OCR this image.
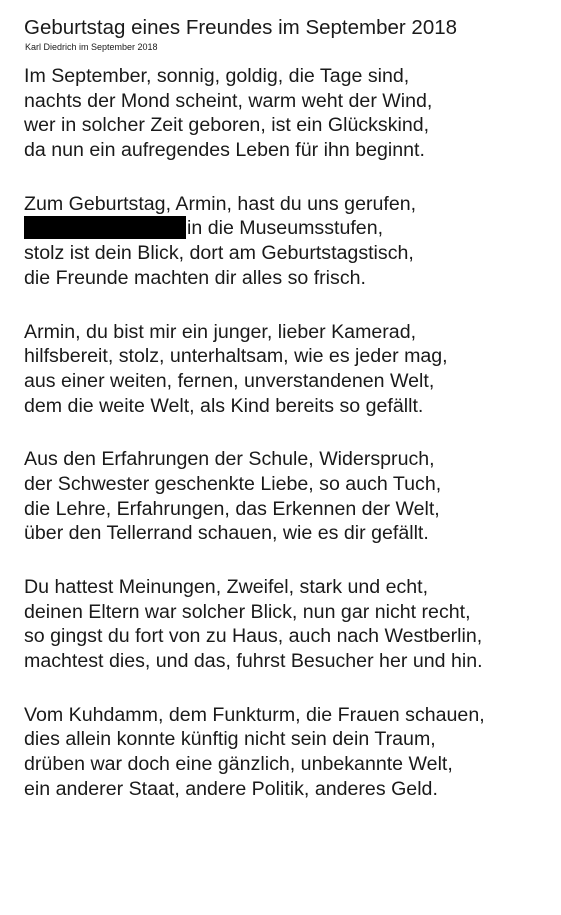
Geburtstag eines Freundes im September 2018
Karl Diedrich im September 2018
Im September, sonnig, goldig, die Tage sind,
nachts der Mond scheint, warm weht der Wind,
wer in solcher Zeit geboren, ist ein Glückskind,
da nun ein aufregendes Leben für ihn beginnt.
Zum Geburtstag, Armin, hast du uns gerufen,
in die Museumsstufen,
stolz ist dein Blick, dort am Geburtstagstisch,
die Freunde machten dir alles so frisch.
Armin, du bist mir ein junger, lieber Kamerad,
hilfsbereit, stolz, unterhaltsam, wie es jeder mag,
aus einer weiten, fernen, unverstandenen Welt,
dem die weite Welt, als Kind bereits so gefällt.
Aus den Erfahrungen der Schule, Widerspruch,
der Schwester geschenkte Liebe, so auch Tuch,
die Lehre, Erfahrungen, das Erkennen der Welt,
über den Tellerrand schauen, wie es dir gefällt.
Du hattest Meinungen, Zweifel, stark und echt,
deinen Eltern war solcher Blick, nun gar nicht recht,
so gingst du fort von zu Haus, auch nach Westberlin,
machtest dies, und das, fuhrst Besucher her und hin.
Vom Kuhdamm, dem Funkturm, die Frauen schauen,
dies allein konnte künftig nicht sein dein Traum,
drüben war doch eine gänzlich, unbekannte Welt,
ein anderer Staat, andere Politik, anderes Geld.
